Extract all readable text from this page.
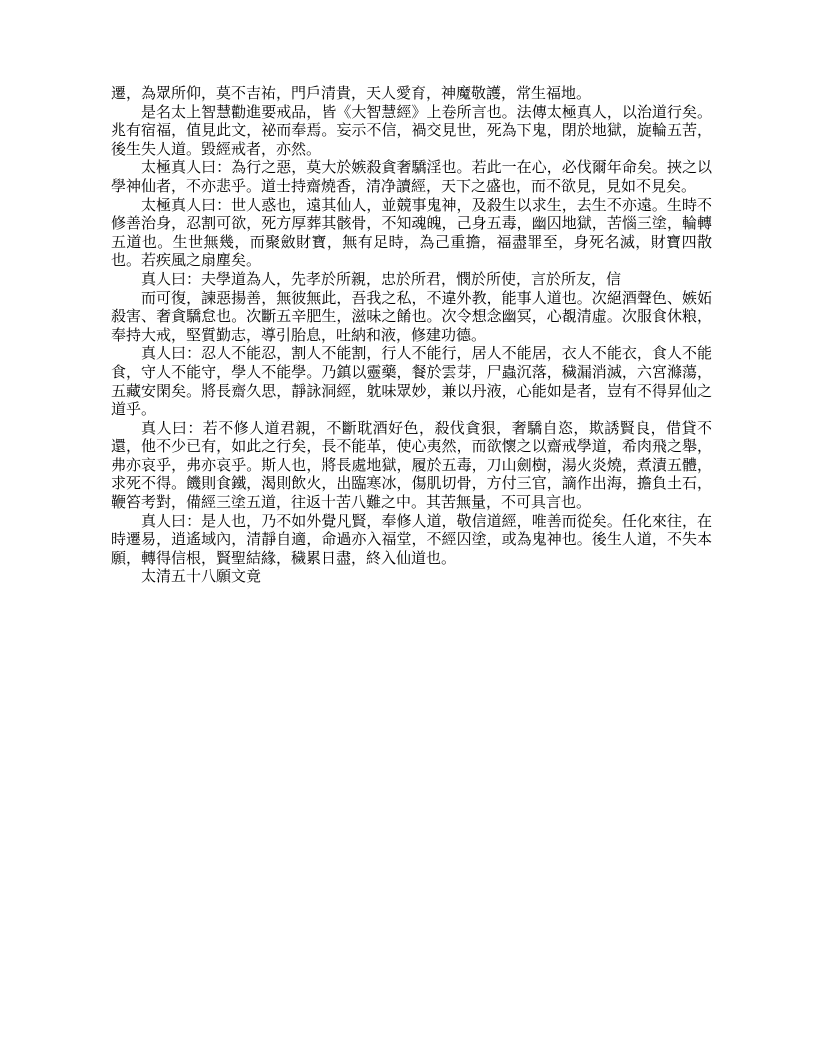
遷，為眾所仰，莫不吉祐，門戶清貴，天人愛育，神魔敬護，常生福地。

是名太上智慧勸進要戒品，皆《大智慧經》上卷所言也。法傳太極真人，以治道行矣。兆有宿福，值見此文，祕而奉焉。妄示不信，禍交見世，死為下鬼，閉於地獄，旋輪五苦，後生失人道。毀經戒者，亦然。

太極真人曰：為行之惡，莫大於嫉殺貪奢驕淫也。若此一在心，必伐爾年命矣。挾之以學神仙者，不亦悲乎。道士持齋燒香，清净讀經，天下之盛也，而不欲見，見如不見矣。

太極真人曰：世人惑也，遠其仙人，並競事鬼神，及殺生以求生，去生不亦遠。生時不修善治身，忍割可欲，死方厚葬其骸骨，不知魂魄，己身五毒，幽囚地獄，苦惱三塗，輪轉五道也。生世無幾，而聚斂財寶，無有足時，為己重擔，福盡罪至，身死名滅，財寶四散也。若疾風之扇塵矣。

真人曰：夫學道為人，先孝於所親，忠於所君，憫於所使，言於所友，信

而可復，諫惡揚善，無彼無此，吾我之私，不違外教，能事人道也。次絕酒聲色、嫉妬殺害、奢貪驕怠也。次斷五辛肥生，滋味之餚也。次令想念幽冥，心覩清虛。次服食休粮，奉持大戒，堅質勤志，導引胎息，吐納和液，修建功德。

真人曰：忍人不能忍，割人不能割，行人不能行，居人不能居，衣人不能衣，食人不能食，守人不能守，學人不能學。乃鎮以靈藥，餐於雲芽，尸蟲沉落，穢漏消滅，六宮滌蕩，五藏安閑矣。將長齋久思，靜詠洞經，躭味眾妙，兼以丹液，心能如是者，豈有不得昇仙之道乎。

真人曰：若不修人道君親，不斷耽酒好色，殺伐貪狠，奢驕自恣，欺誘賢良，借貸不還，他不少已有，如此之行矣，長不能革，使心夷然，而欲懷之以齋戒學道，希肉飛之舉，弗亦哀乎，弗亦哀乎。斯人也，將長處地獄，履於五毒，刀山劍樹，湯火炎燒，煮漬五體，求死不得。饑則食鐵，渴則飲火，出臨寒冰，傷肌切骨，方付三官，謫作出海，擔負土石，鞭笞考對，備經三塗五道，往返十苦八難之中。其苦無量，不可具言也。

真人曰：是人也，乃不如外覺凡賢，奉修人道，敬信道經，唯善而從矣。任化來往，在時遷易，逍遙域內，清靜自適，命過亦入福堂，不經囚塗，或為鬼神也。後生人道，不失本願，轉得信根，賢聖結緣，穢累日盡，終入仙道也。

太清五十八願文竟
